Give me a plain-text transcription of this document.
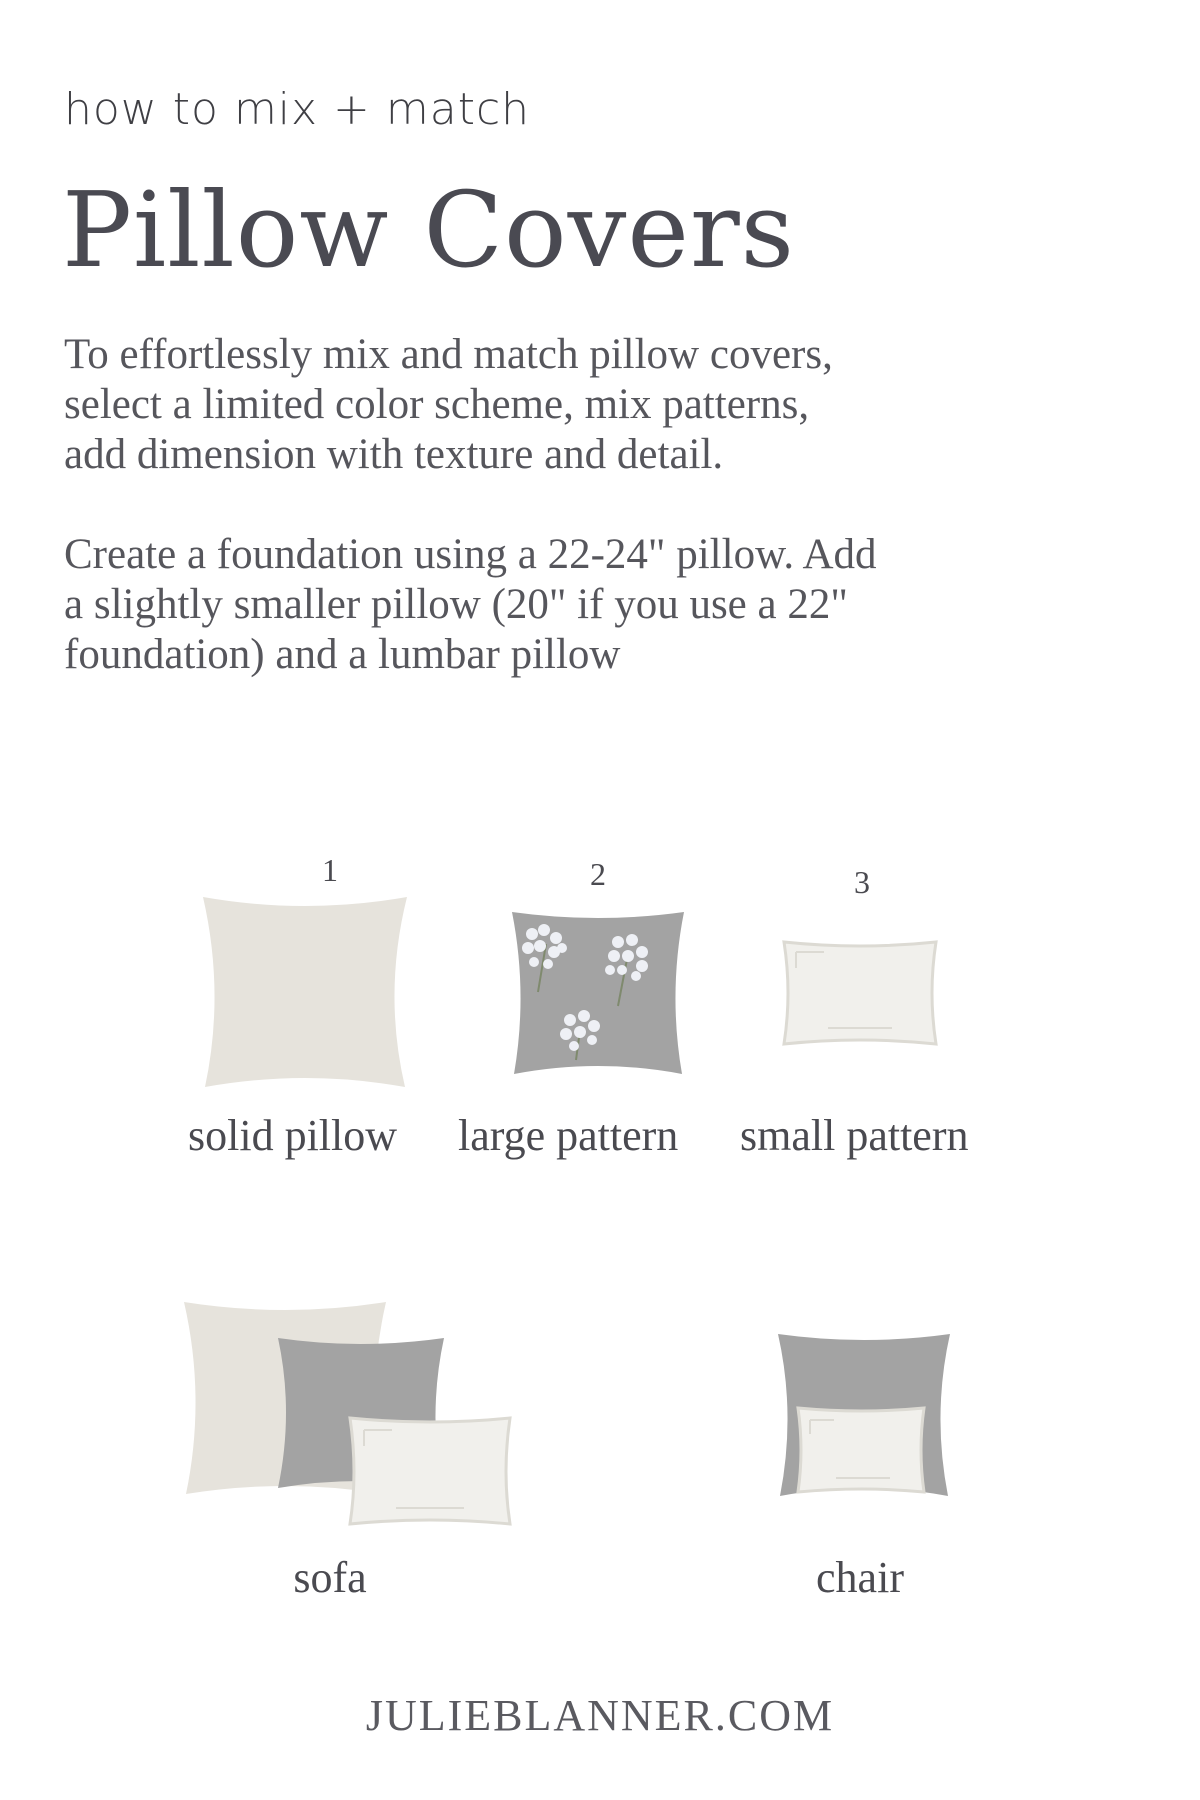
how to mix + match
Pillow Covers
To effortlessly mix and match pillow covers,
select a limited color scheme, mix patterns,
add dimension with texture and detail.
Create a foundation using a 22-24" pillow. Add
a slightly smaller pillow (20" if you use a 22"
foundation) and a lumbar pillow
1	2	3
solid pillow large pattern small pattern
sofa	chair
JULIEBLANNER.COM
